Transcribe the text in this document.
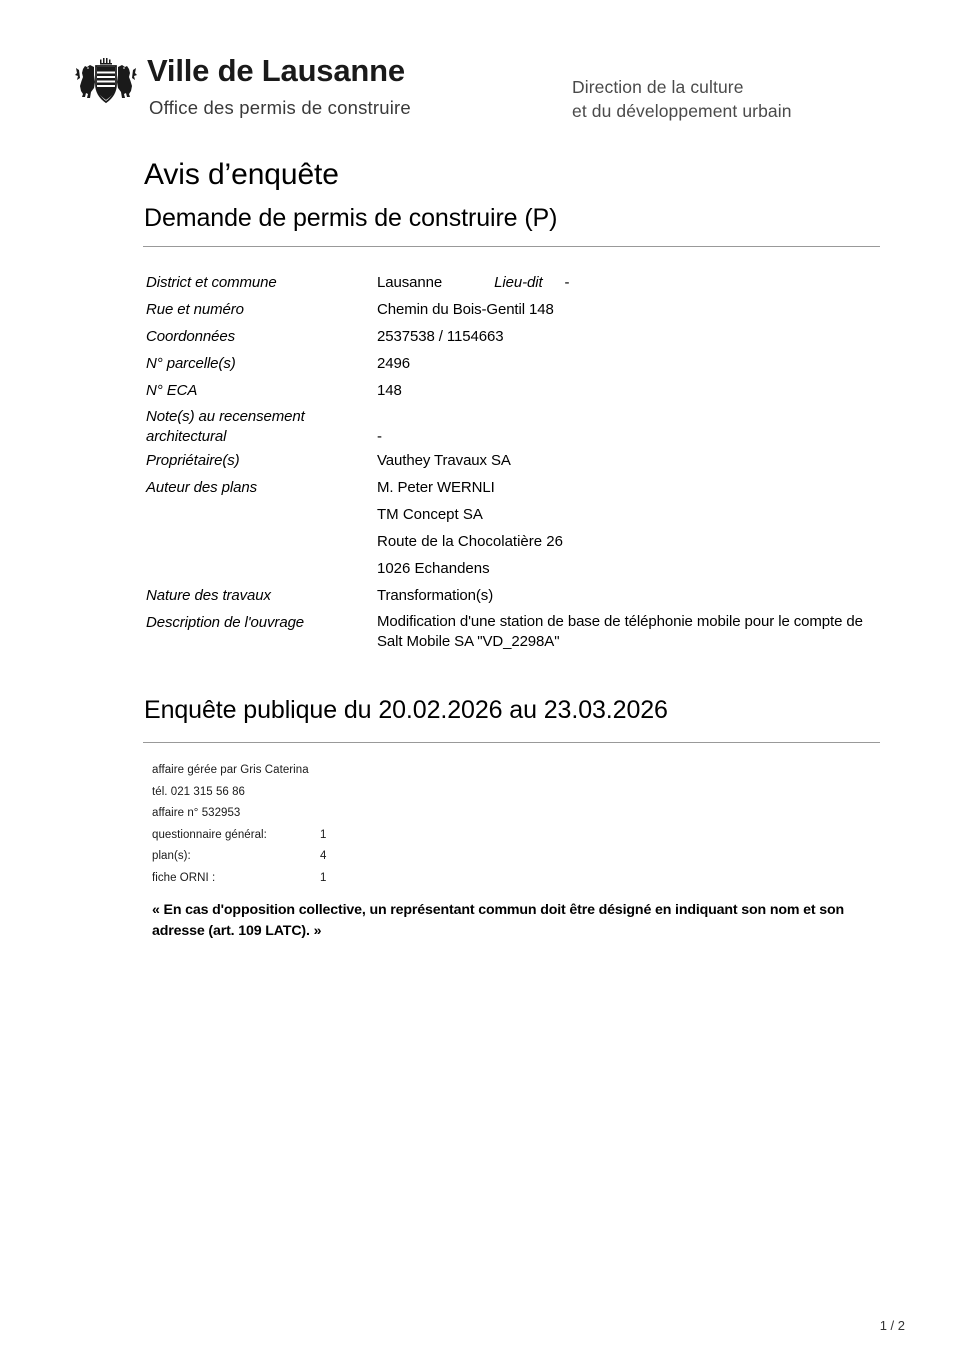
Ville de Lausanne
Office des permis de construire
Direction de la culture
et du développement urbain
Avis d’enquête
Demande de permis de construire (P)
District et commune	Lausanne	Lieu-dit -
Rue et numéro	Chemin du Bois-Gentil 148
Coordonnées	2537538 / 1154663
N° parcelle(s)	2496
N° ECA	148
Note(s) au recensement
architectural	-
Propriétaire(s)	Vauthey Travaux SA
Auteur des plans	M. Peter WERNLI
TM Concept SA
Route de la Chocolatière 26
1026 Echandens
Nature des travaux	Transformation(s)
Description de l'ouvrage	Modification d'une station de base de téléphonie mobile pour le compte de Salt Mobile SA "VD_2298A"
Enquête publique du 20.02.2026 au 23.03.2026
affaire gérée par Gris Caterina
tél. 021 315 56 86
affaire n° 532953
questionnaire général:	1
plan(s):	4
fiche ORNI :	1
« En cas d'opposition collective, un représentant commun doit être désigné en indiquant son nom et son adresse (art. 109 LATC). »
1 / 2
